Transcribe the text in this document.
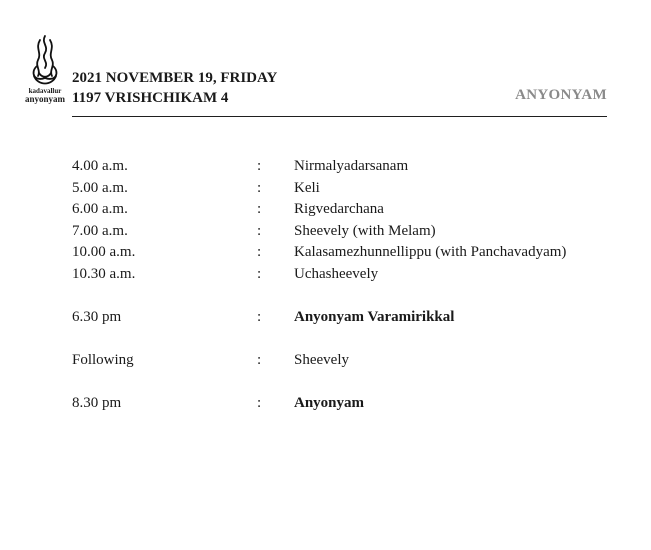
kadavallur
anyonyam
2021 NOVEMBER 19, FRIDAY
1197 VRISHCHIKAM 4	ANYONYAM
4.00 a.m.	: Nirmalyadarsanam
5.00 a.m.	: Keli
6.00 a.m.	: Rigvedarchana
7.00 a.m.	: Sheevely (with Melam)
10.00 a.m.	: Kalasamezhunnellippu (with Panchavadyam)
10.30 a.m.	: Uchasheevely
6.30 pm	: Anyonyam Varamirikkal
Following	: Sheevely
8.30 pm	: Anyonyam
